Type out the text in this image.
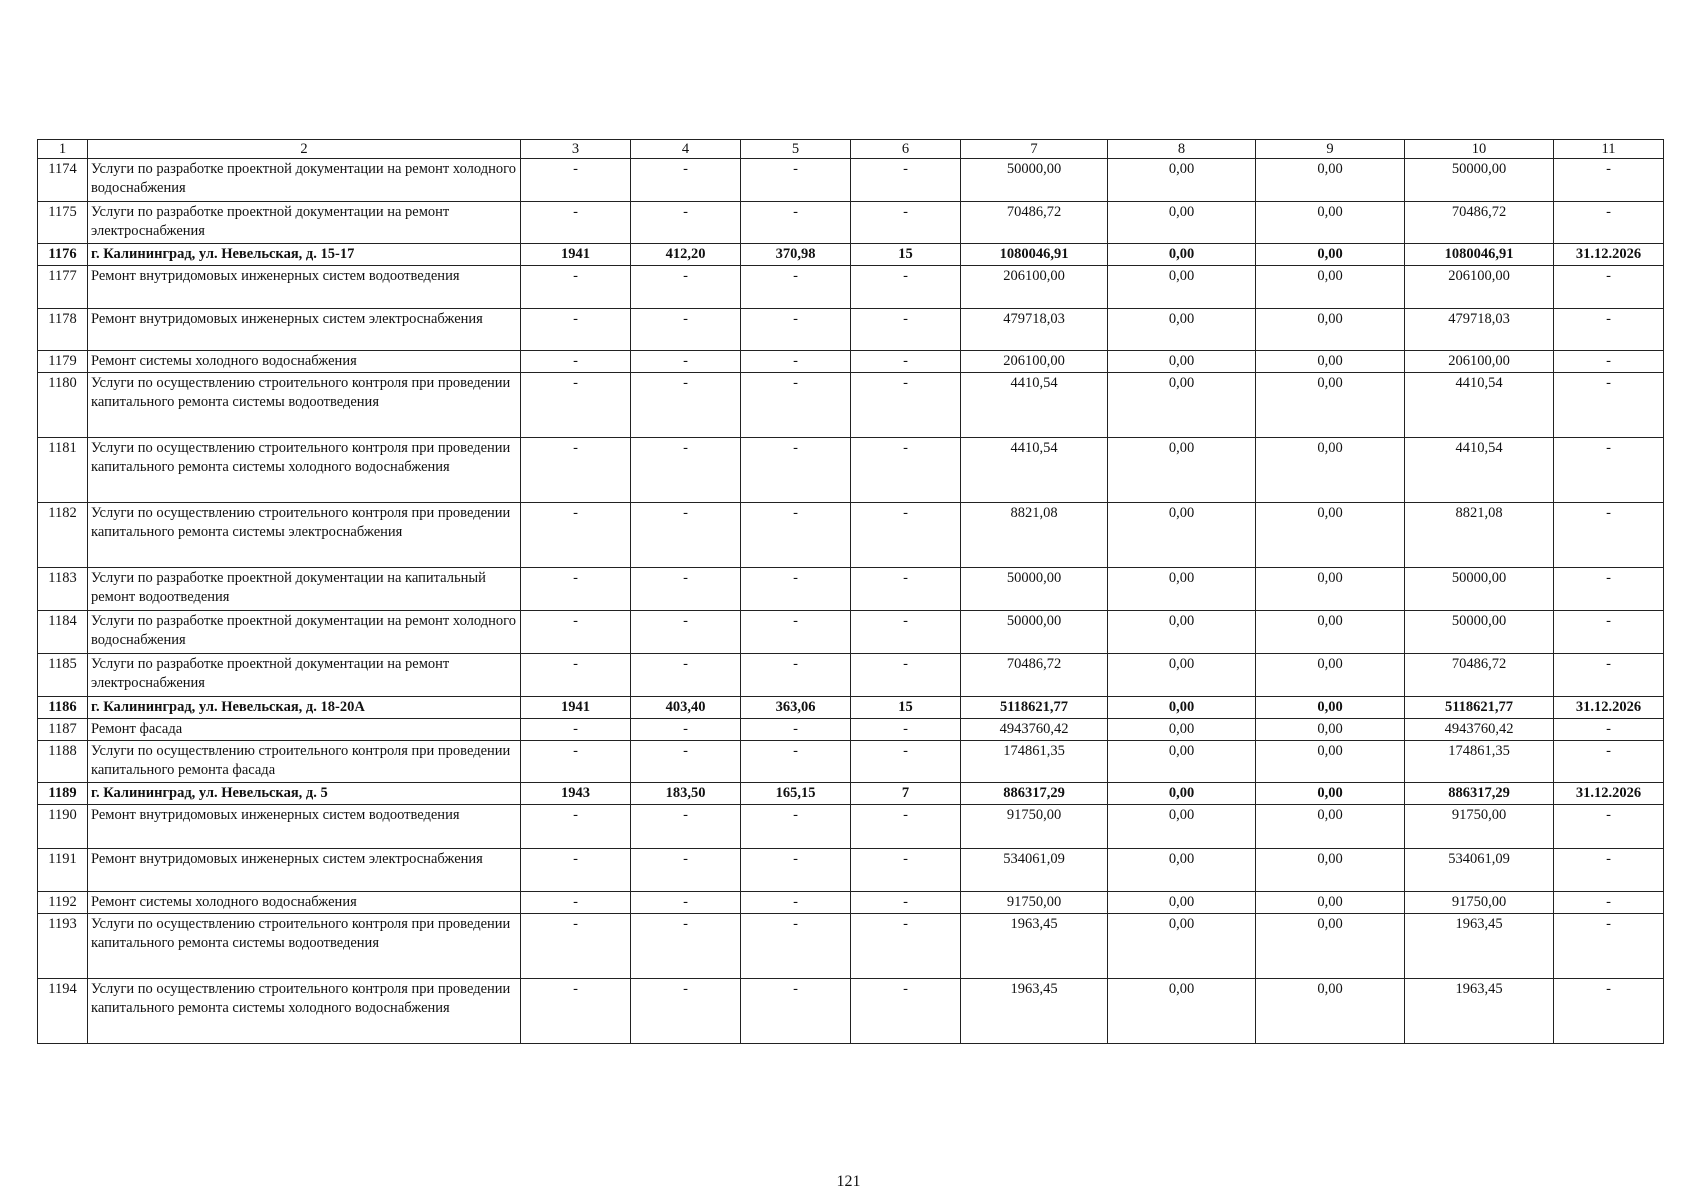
1	2	3	4	5	6	7	8	9	10	11
1174	Услуги по разработке проектной документации на ремонт холодного водоснабжения	-	-	-	-	50000,00	0,00	0,00	50000,00	-
1175	Услуги по разработке проектной документации на ремонт электроснабжения	-	-	-	-	70486,72	0,00	0,00	70486,72	-
1176	г. Калининград, ул. Невельская, д. 15-17	1941	412,20	370,98	15	1080046,91	0,00	0,00	1080046,91	31.12.2026
1177	Ремонт внутридомовых инженерных систем водоотведения	-	-	-	-	206100,00	0,00	0,00	206100,00	-
1178	Ремонт внутридомовых инженерных систем электроснабжения	-	-	-	-	479718,03	0,00	0,00	479718,03	-
1179	Ремонт системы холодного водоснабжения	-	-	-	-	206100,00	0,00	0,00	206100,00	-
1180	Услуги по осуществлению строительного контроля при проведении капитального ремонта системы водоотведения	-	-	-	-	4410,54	0,00	0,00	4410,54	-
1181	Услуги по осуществлению строительного контроля при проведении капитального ремонта системы холодного водоснабжения	-	-	-	-	4410,54	0,00	0,00	4410,54	-
1182	Услуги по осуществлению строительного контроля при проведении капитального ремонта системы электроснабжения	-	-	-	-	8821,08	0,00	0,00	8821,08	-
1183	Услуги по разработке проектной документации на капитальный ремонт водоотведения	-	-	-	-	50000,00	0,00	0,00	50000,00	-
1184	Услуги по разработке проектной документации на ремонт холодного водоснабжения	-	-	-	-	50000,00	0,00	0,00	50000,00	-
1185	Услуги по разработке проектной документации на ремонт электроснабжения	-	-	-	-	70486,72	0,00	0,00	70486,72	-
1186	г. Калининград, ул. Невельская, д. 18-20А	1941	403,40	363,06	15	5118621,77	0,00	0,00	5118621,77	31.12.2026
1187	Ремонт фасада	-	-	-	-	4943760,42	0,00	0,00	4943760,42	-
1188	Услуги по осуществлению строительного контроля при проведении капитального ремонта фасада	-	-	-	-	174861,35	0,00	0,00	174861,35	-
1189	г. Калининград, ул. Невельская, д. 5	1943	183,50	165,15	7	886317,29	0,00	0,00	886317,29	31.12.2026
1190	Ремонт внутридомовых инженерных систем водоотведения	-	-	-	-	91750,00	0,00	0,00	91750,00	-
1191	Ремонт внутридомовых инженерных систем электроснабжения	-	-	-	-	534061,09	0,00	0,00	534061,09	-
1192	Ремонт системы холодного водоснабжения	-	-	-	-	91750,00	0,00	0,00	91750,00	-
1193	Услуги по осуществлению строительного контроля при проведении капитального ремонта системы водоотведения	-	-	-	-	1963,45	0,00	0,00	1963,45	-
1194	Услуги по осуществлению строительного контроля при проведении капитального ремонта системы холодного водоснабжения	-	-	-	-	1963,45	0,00	0,00	1963,45	-
121
